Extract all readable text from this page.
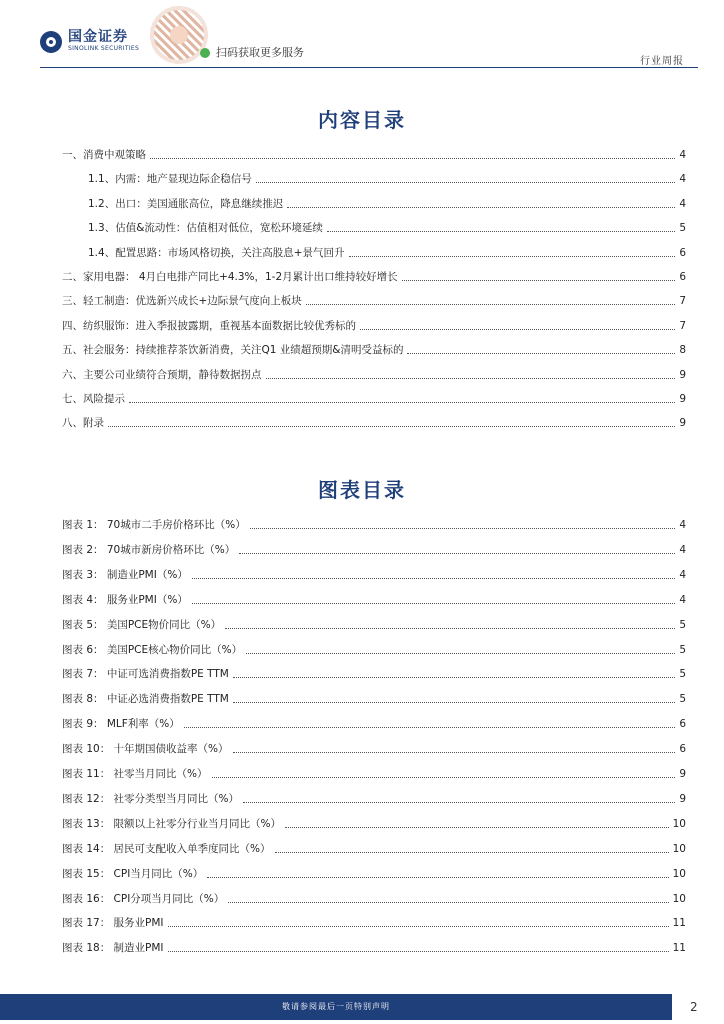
国金证券
SINOLINK SECURITIES	扫码获取更多服务
行业周报
内容目录
一、消费中观策略	4
1.1、内需：地产显现边际企稳信号	4
1.2、出口：美国通胀高位，降息继续推迟	4
1.3、估值&流动性：估值相对低位，宽松环境延续	5
1.4、配置思路：市场风格切换，关注高股息+景气回升	6
二、家用电器： 4月白电排产同比+4.3%，1-2月累计出口维持较好增长	6
三、轻工制造：优选新兴成长+边际景气度向上板块	7
四、纺织服饰：进入季报披露期，重视基本面数据比较优秀标的	7
五、社会服务：持续推荐茶饮新消费，关注Q1 业绩超预期&清明受益标的	8
六、主要公司业绩符合预期，静待数据拐点	9
七、风险提示	9
八、附录	9
图表目录
图表 1： 70城市二手房价格环比（%）	4
图表 2： 70城市新房价格环比（%）	4
图表 3： 制造业PMI（%）	4
图表 4： 服务业PMI（%）	4
图表 5： 美国PCE物价同比（%）	5
图表 6： 美国PCE核心物价同比（%）	5
图表 7： 中证可选消费指数PE TTM	5
图表 8： 中证必选消费指数PE TTM	5
图表 9： MLF利率（%）	6
图表 10： 十年期国债收益率（%）	6
图表 11： 社零当月同比（%）	9
图表 12： 社零分类型当月同比（%）	9
图表 13： 限额以上社零分行业当月同比（%）	10
图表 14： 居民可支配收入单季度同比（%）	10
图表 15： CPI当月同比（%）	10
图表 16： CPI分项当月同比（%）	10
图表 17： 服务业PMI	11
图表 18： 制造业PMI	11
敬请参阅最后一页特别声明	2
